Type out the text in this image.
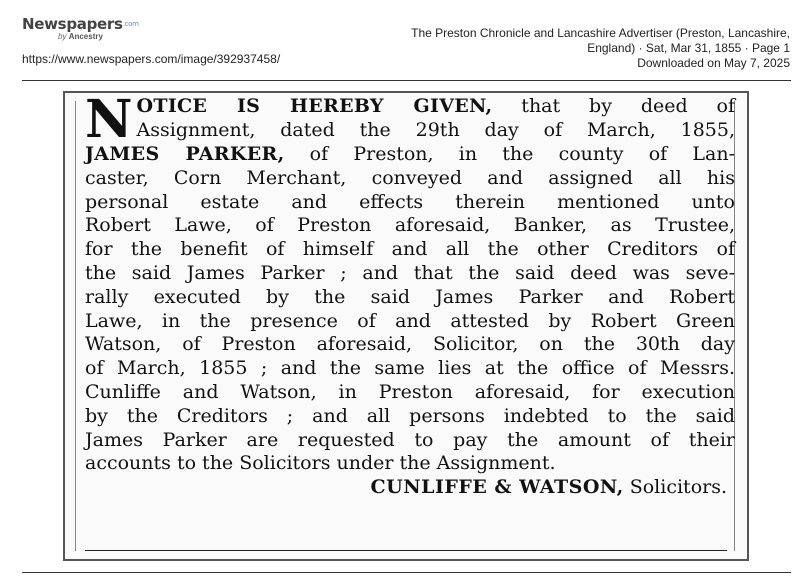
Newspapers$^{.com}$
by Ancestry
https://www.newspapers.com/image/392937458/
The Preston Chronicle and Lancashire Advertiser (Preston, Lancashire,
England) · Sat, Mar 31, 1855 · Page 1
Downloaded on May 7, 2025
N OTICE IS HEREBY GIVEN, that by deed of
Assignment, dated the 29th day of March, 1855,
JAMES PARKER, of Preston, in the county of Lan-
caster, Corn Merchant, conveyed and assigned all his
personal estate and effects therein mentioned unto
Robert Lawe, of Preston aforesaid, Banker, as Trustee,
for the benefit of himself and all the other Creditors of
the said James Parker ; and that the said deed was seve-
rally executed by the said James Parker and Robert
Lawe, in the presence of and attested by Robert Green
Watson, of Preston aforesaid, Solicitor, on the 30th day
of March, 1855 ; and the same lies at the office of Messrs.
Cunliffe and Watson, in Preston aforesaid, for execution
by the Creditors ; and all persons indebted to the said
James Parker are requested to pay the amount of their
accounts to the Solicitors under the Assignment.
CUNLIFFE & WATSON, Solicitors.
